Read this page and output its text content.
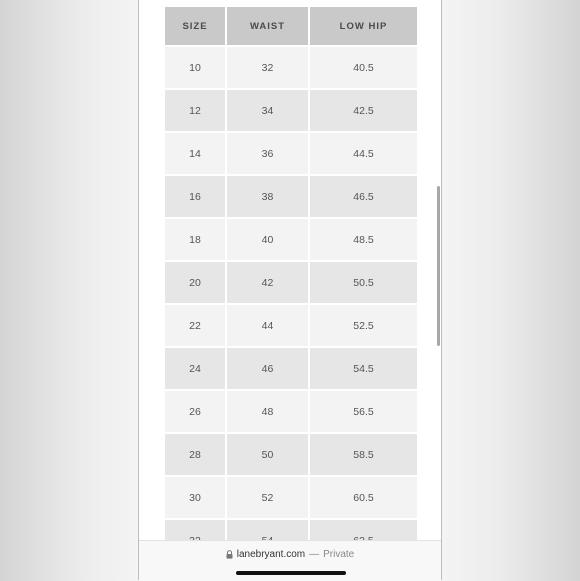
SIZE	WAIST	LOW HIP
10	32	40.5
12	34	42.5
14	36	44.5
16	38	46.5
18	40	48.5
20	42	50.5
22	44	52.5
24	46	54.5
26	48	56.5
28	50	58.5
30	52	60.5

lanebryant.com — Private
